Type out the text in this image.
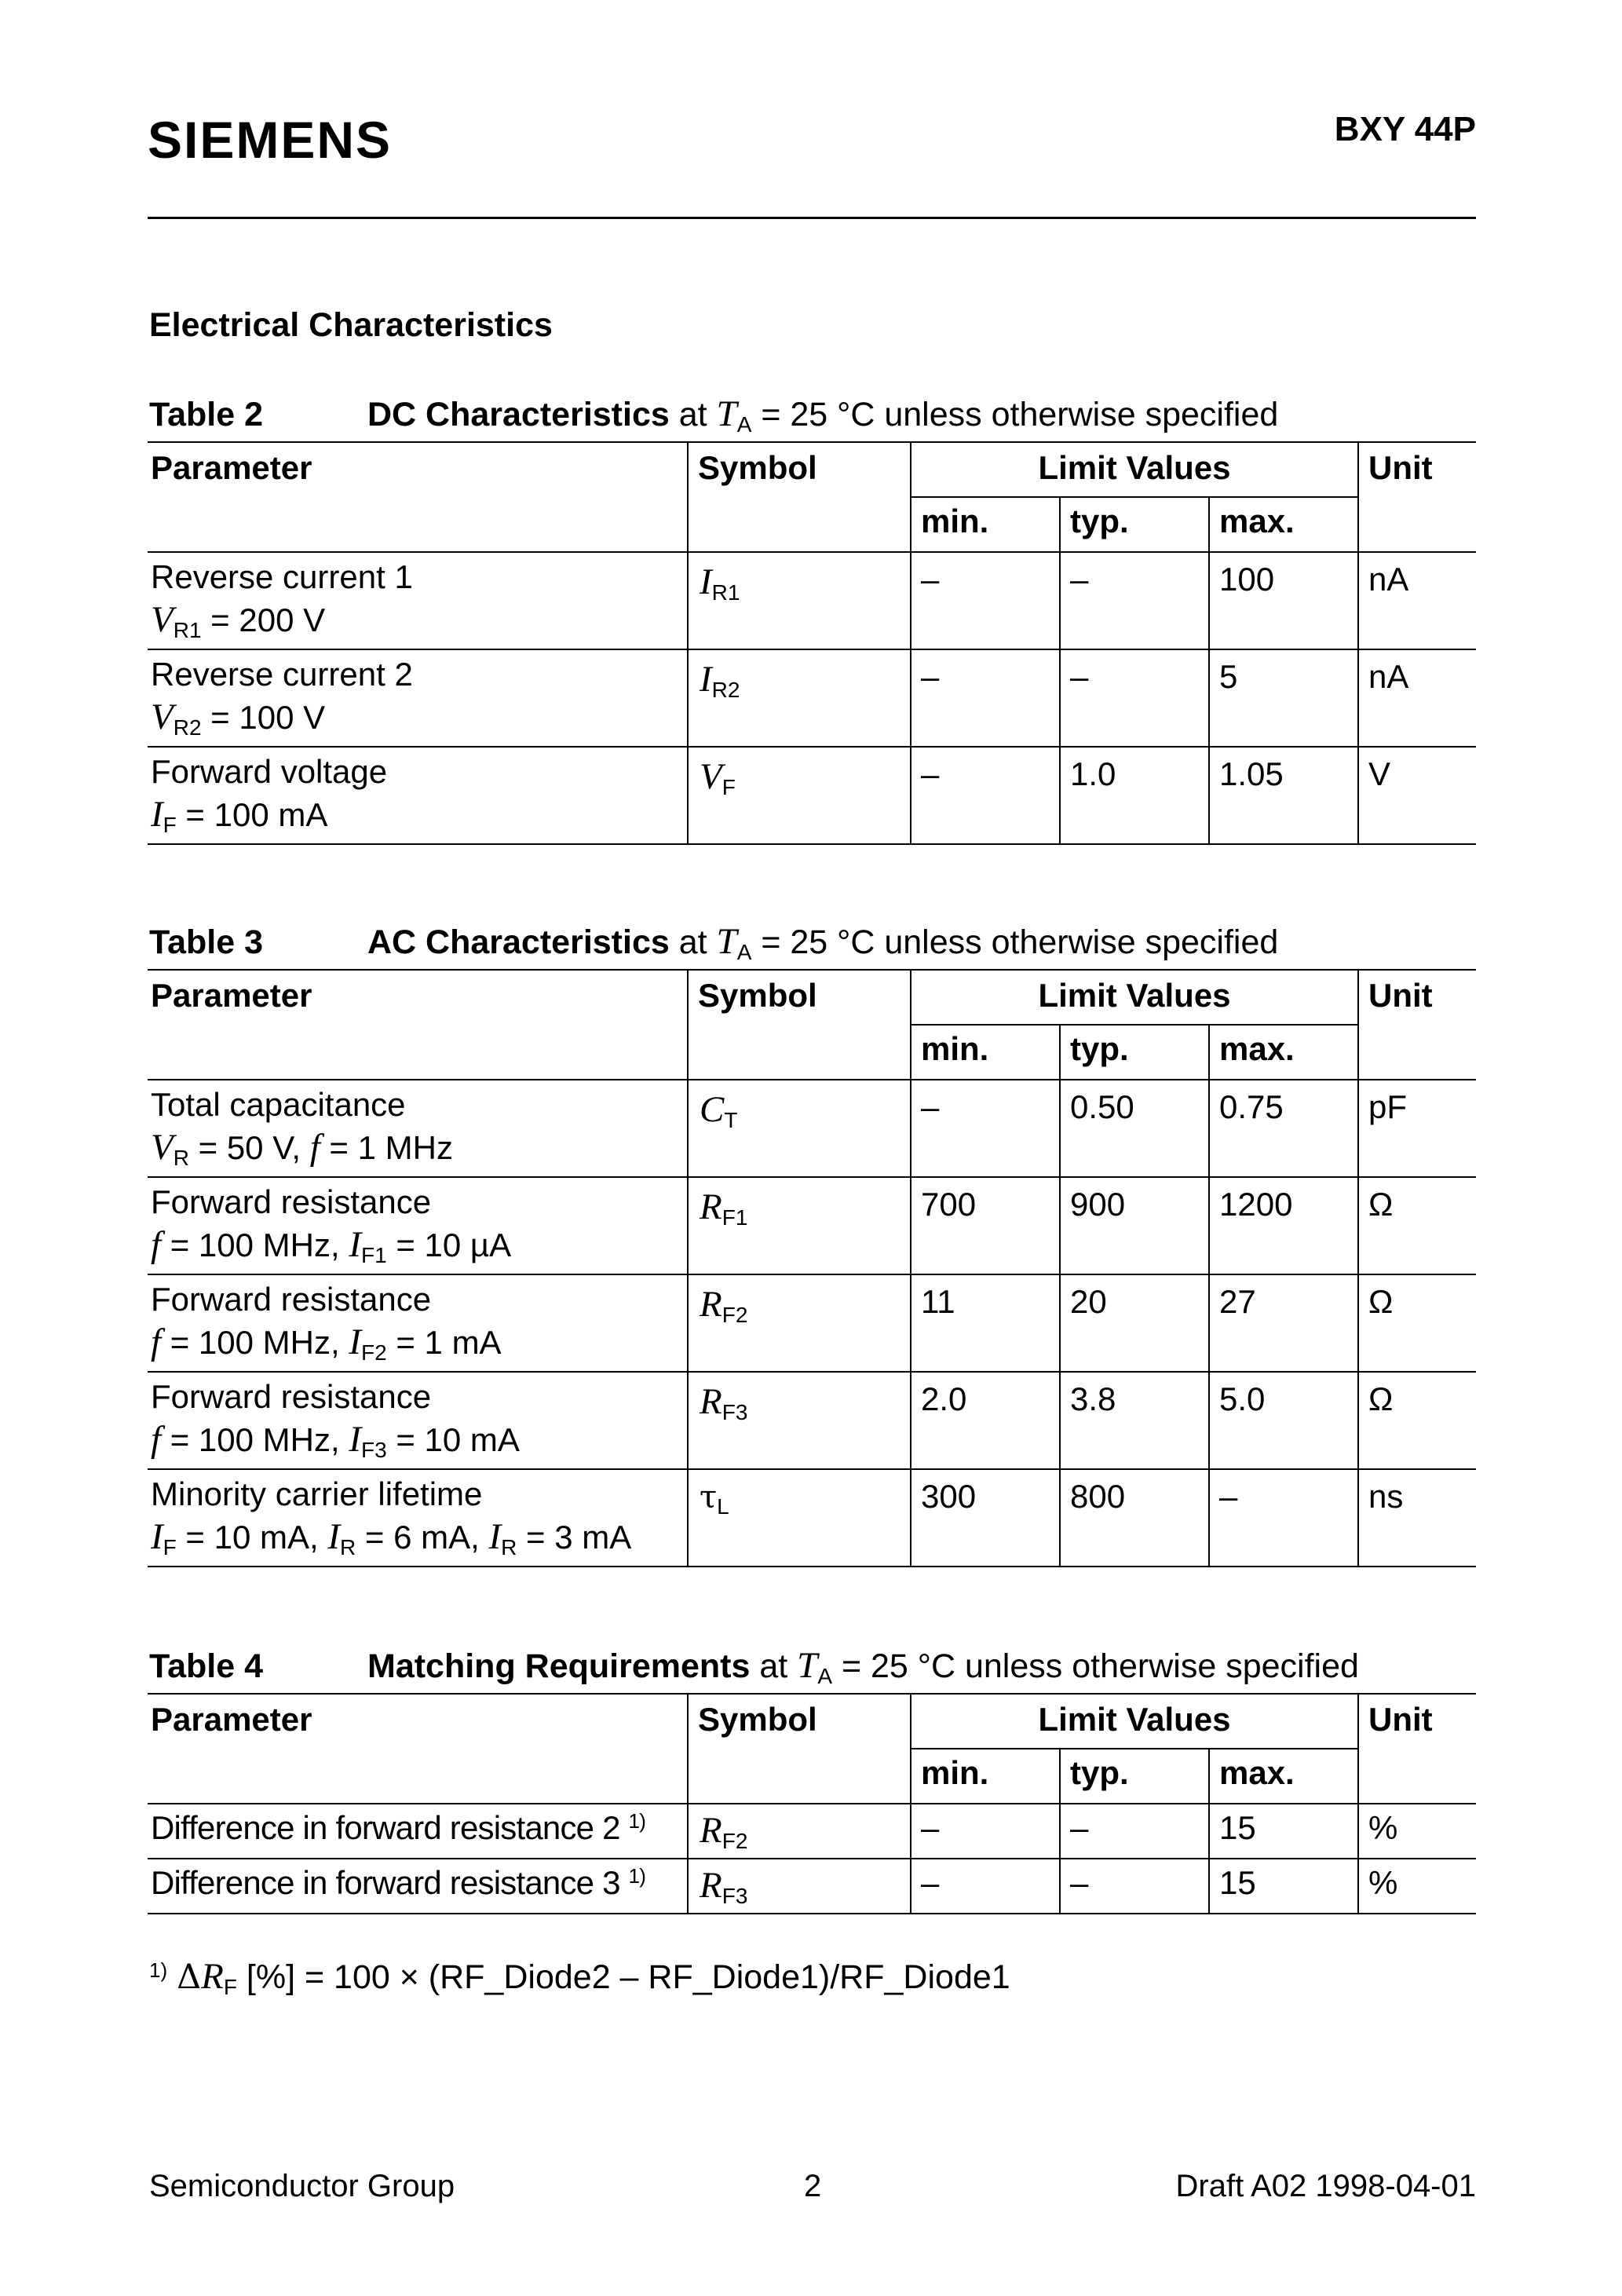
SIEMENS	BXY 44P
Electrical Characteristics
Table 2	DC Characteristics at $T_A = 25$ °C unless otherwise specified
Parameter	Symbol	Limit Values			Unit
		min.	typ.	max.	
Reverse current 1
$V_{R1} = 200$ V	$I_{R1}$	–	–	100	nA
Reverse current 2
$V_{R2} = 100$ V	$I_{R2}$	–	–	5	nA
Forward voltage
$I_F = 100$ mA	$V_F$	–	1.0	1.05	V
Table 3	AC Characteristics at $T_A = 25$ °C unless otherwise specified
Parameter	Symbol	Limit Values			Unit
		min.	typ.	max.	
Total capacitance
$V_R = 50$ V, f = 1 MHz	$C_T$	–	0.50	0.75	pF
Forward resistance
f = 100 MHz, $I_{F1} = 10$ µA	$R_{F1}$	700	900	1200	Ω
Forward resistance
f = 100 MHz, $I_{F2} = 1$ mA	$R_{F2}$	11	20	27	Ω
Forward resistance
f = 100 MHz, $I_{F3} = 10$ mA	$R_{F3}$	2.0	3.8	5.0	Ω
Minority carrier lifetime
$I_F = 10$ mA, $I_R = 6$ mA, $I_R = 3$ mA	$\tau_L$	300	800	–	ns
Table 4	Matching Requirements at $T_A = 25$ °C unless otherwise specified
Parameter	Symbol	Limit Values			Unit
		min.	typ.	max.	
Difference in forward resistance 2 $^{1)}$	$R_{F2}$	–	–	15	%
Difference in forward resistance 3 $^{1)}$	$R_{F3}$	–	–	15	%
$^{1)}$ $\Delta R_F$ [%] = 100 × (RF_Diode2 – RF_Diode1)/RF_Diode1
Semiconductor Group	2	Draft A02 1998-04-01
